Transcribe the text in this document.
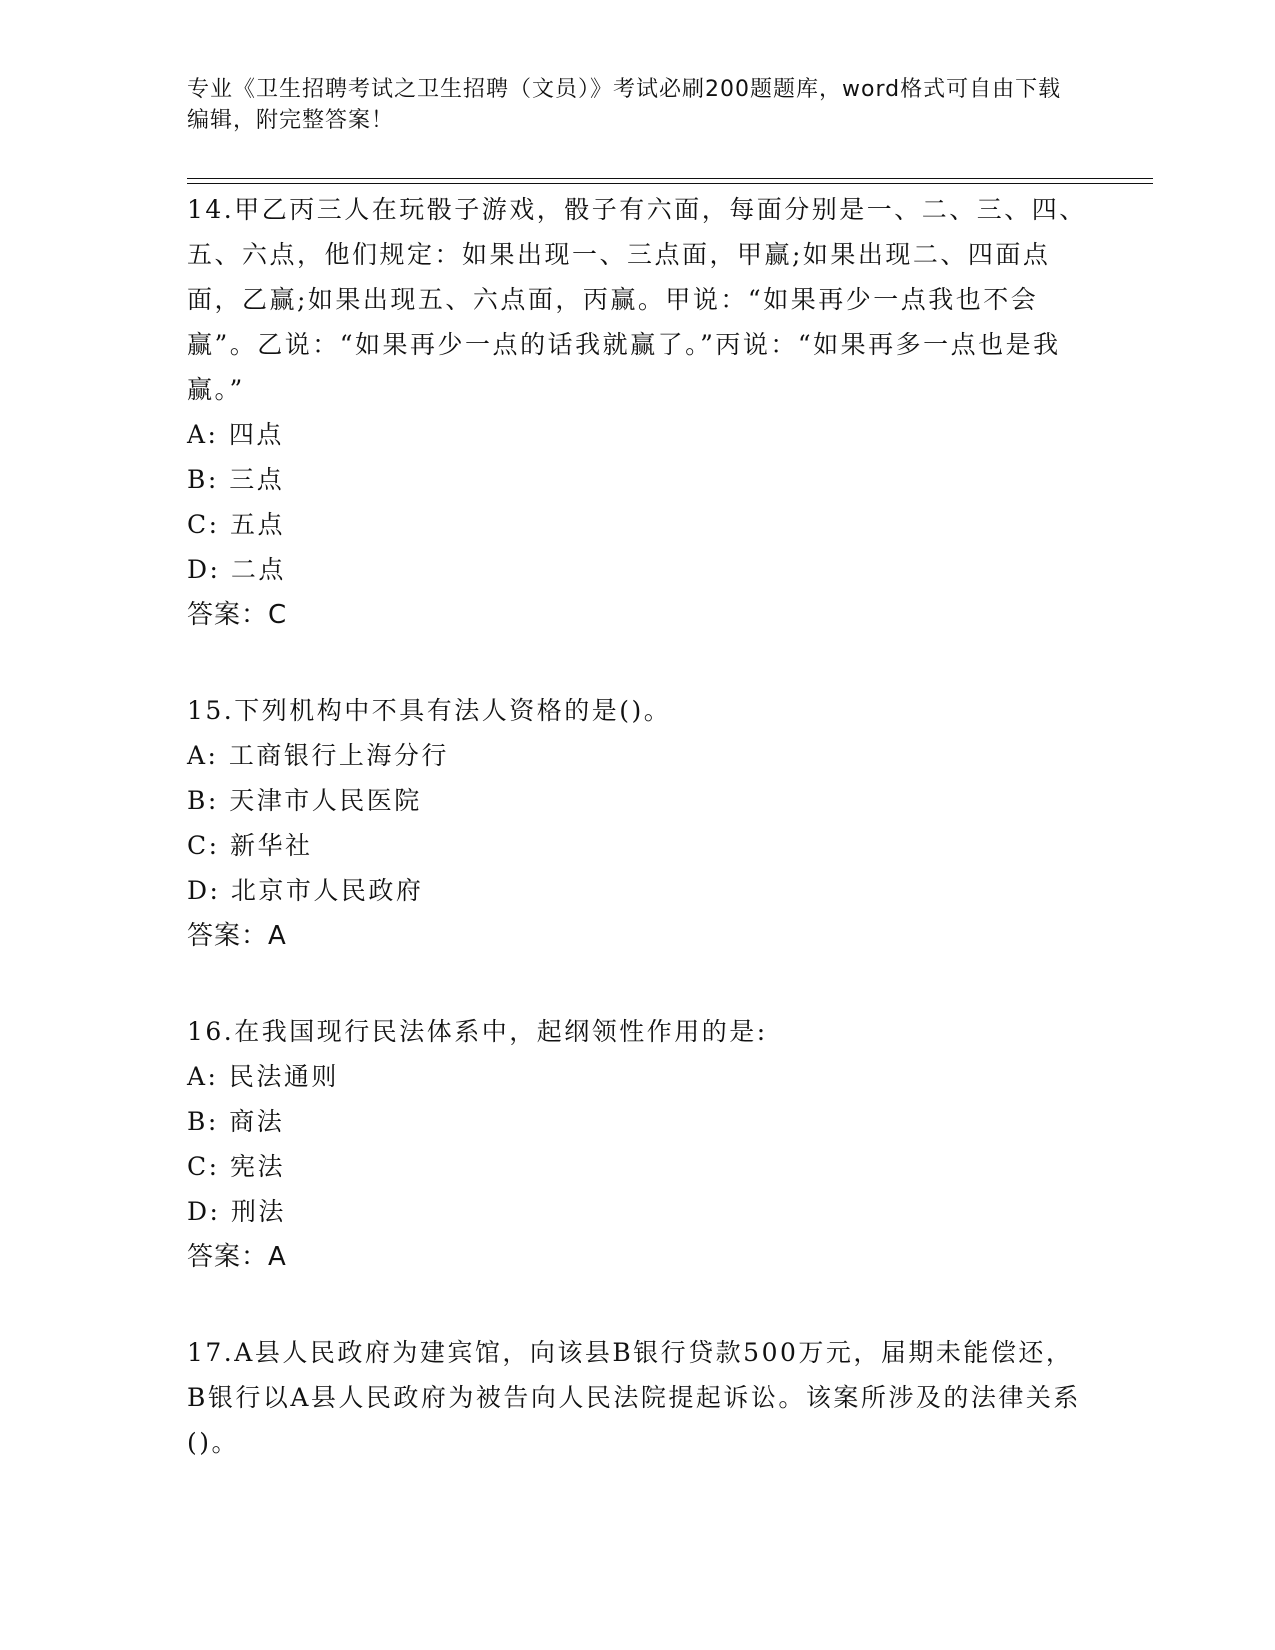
专业《卫生招聘考试之卫生招聘（文员）》考试必刷200题题库，word格式可自由下载编辑，附完整答案！

14.甲乙丙三人在玩骰子游戏，骰子有六面，每面分别是一、二、三、四、五、六点，他们规定：如果出现一、三点面，甲赢;如果出现二、四面点面，乙赢;如果出现五、六点面，丙赢。甲说：“如果再少一点我也不会赢”。乙说：“如果再少一点的话我就赢了。”丙说：“如果再多一点也是我赢。”

A: 四点

B: 三点

C: 五点

D: 二点

答案：C

15.下列机构中不具有法人资格的是()。

A: 工商银行上海分行

B: 天津市人民医院

C: 新华社

D: 北京市人民政府

答案：A

16.在我国现行民法体系中，起纲领性作用的是:

A: 民法通则

B: 商法

C: 宪法

D: 刑法

答案：A

17.A县人民政府为建宾馆，向该县B银行贷款500万元，届期未能偿还，B银行以A县人民政府为被告向人民法院提起诉讼。该案所涉及的法律关系()。
